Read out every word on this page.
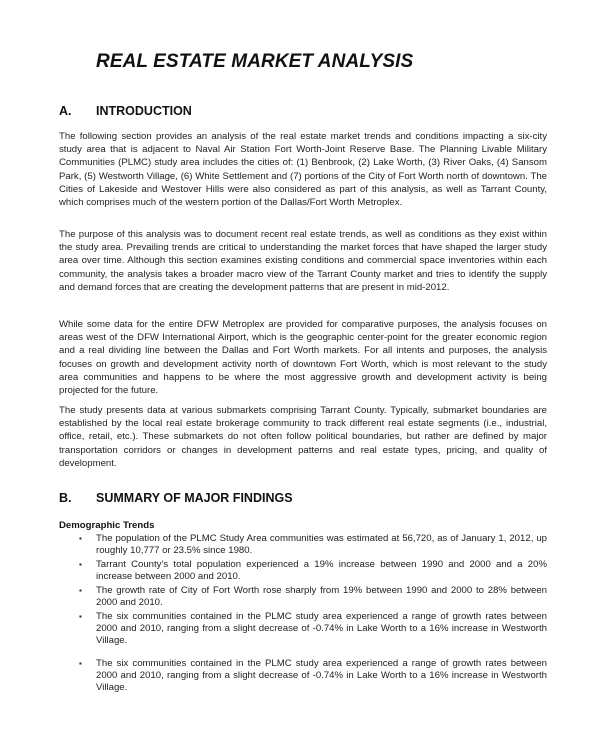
REAL ESTATE MARKET ANALYSIS
A. INTRODUCTION

The following section provides an analysis of the real estate market trends and conditions impacting a six-city study area that is adjacent to Naval Air Station Fort Worth-Joint Reserve Base. The Planning Livable Military Communities (PLMC) study area includes the cities of: (1) Benbrook, (2) Lake Worth, (3) River Oaks, (4) Sansom Park, (5) Westworth Village, (6) White Settlement and (7) portions of the City of Fort Worth north of downtown. The Cities of Lakeside and Westover Hills were also considered as part of this analysis, as well as Tarrant County, which comprises much of the western portion of the Dallas/Fort Worth Metroplex.

The purpose of this analysis was to document recent real estate trends, as well as conditions as they exist within the study area. Prevailing trends are critical to understanding the market forces that have shaped the larger study area over time. Although this section examines existing conditions and commercial space inventories within each community, the analysis takes a broader macro view of the Tarrant County market and tries to identify the supply and demand forces that are creating the development patterns that are present in mid-2012.

While some data for the entire DFW Metroplex are provided for comparative purposes, the analysis focuses on areas west of the DFW International Airport, which is the geographic center-point for the greater economic region and a real dividing line between the Dallas and Fort Worth markets. For all intents and purposes, the analysis focuses on growth and development activity north of downtown Fort Worth, which is most relevant to the study area communities and happens to be where the most aggressive growth and development activity is being projected for the future.

The study presents data at various submarkets comprising Tarrant County. Typically, submarket boundaries are established by the local real estate brokerage community to track different real estate segments (i.e., industrial, office, retail, etc.). These submarkets do not often follow political boundaries, but rather are defined by major transportation corridors or changes in development patterns and real estate types, pricing, and quality of development.

B. SUMMARY OF MAJOR FINDINGS
Demographic Trends
▪ The population of the PLMC Study Area communities was estimated at 56,720, as of January 1, 2012, up roughly 10,777 or 23.5% since 1980.
▪ Tarrant County’s total population experienced a 19% increase between 1990 and 2000 and a 20% increase between 2000 and 2010.
▪ The growth rate of City of Fort Worth rose sharply from 19% between 1990 and 2000 to 28% between 2000 and 2010.
▪ The six communities contained in the PLMC study area experienced a range of growth rates between 2000 and 2010, ranging from a slight decrease of -0.74% in Lake Worth to a 16% increase in Westworth Village.
▪ The six communities contained in the PLMC study area experienced a range of growth rates between 2000 and 2010, ranging from a slight decrease of -0.74% in Lake Worth to a 16% increase in Westworth Village.
